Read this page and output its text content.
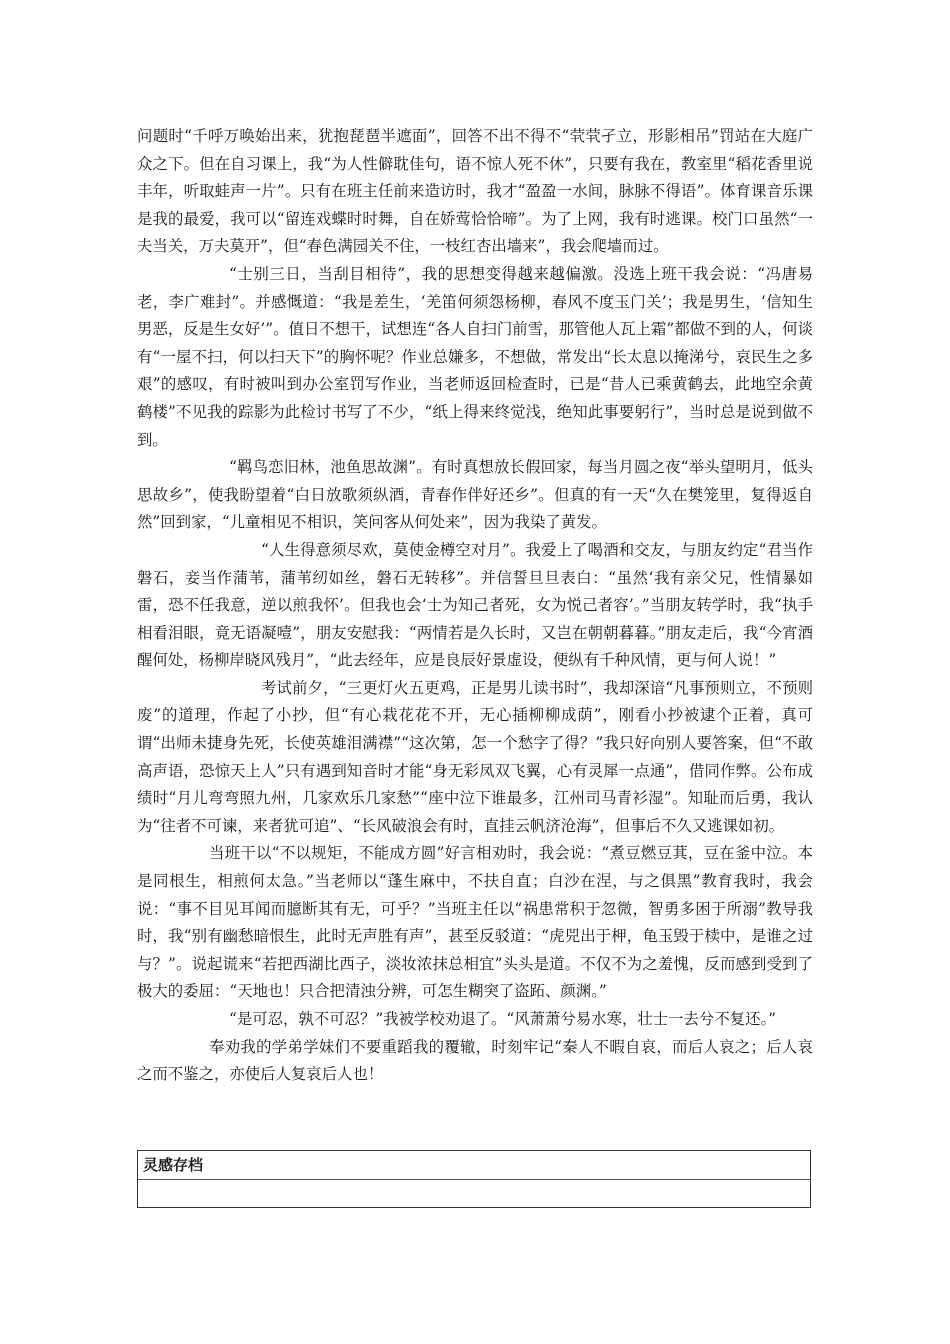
问题时“千呼万唤始出来，犹抱琵琶半遮面”，回答不出不得不“茕茕孑立，形影相吊”罚站在大庭广众之下。但在自习课上，我“为人性僻耽佳句，语不惊人死不休”，只要有我在，教室里“稻花香里说丰年，听取蛙声一片”。只有在班主任前来造访时，我才“盈盈一水间，脉脉不得语”。体育课音乐课是我的最爱，我可以“留连戏蝶时时舞，自在娇莺恰恰啼”。为了上网，我有时逃课。校门口虽然“一夫当关，万夫莫开”，但“春色满园关不住，一枝红杏出墙来”，我会爬墙而过。

“士别三日，当刮目相待”，我的思想变得越来越偏激。没选上班干我会说：“冯唐易老，李广难封”。并感慨道：“我是差生，‘羌笛何须怨杨柳，春风不度玉门关’；我是男生，‘信知生男恶，反是生女好’”。值日不想干，试想连“各人自扫门前雪，那管他人瓦上霜”都做不到的人，何谈有“一屋不扫，何以扫天下”的胸怀呢？作业总嫌多，不想做，常发出“长太息以掩涕兮，哀民生之多艰”的感叹，有时被叫到办公室罚写作业，当老师返回检查时，已是“昔人已乘黄鹤去，此地空余黄鹤楼”不见我的踪影为此检讨书写了不少，“纸上得来终觉浅，绝知此事要躬行”，当时总是说到做不到。

“羁鸟恋旧林，池鱼思故渊”。有时真想放长假回家，每当月圆之夜“举头望明月，低头思故乡”，使我盼望着“白日放歌须纵酒，青春作伴好还乡”。但真的有一天“久在樊笼里，复得返自然”回到家，“儿童相见不相识，笑问客从何处来”，因为我染了黄发。

“人生得意须尽欢，莫使金樽空对月”。我爱上了喝酒和交友，与朋友约定“君当作磐石，妾当作蒲苇，蒲苇纫如丝，磐石无转移”。并信誓旦旦表白：“虽然‘我有亲父兄，性情暴如雷，恐不任我意，逆以煎我怀’。但我也会‘士为知己者死，女为悦己者容’。”当朋友转学时，我“执手相看泪眼，竟无语凝噎”，朋友安慰我：“两情若是久长时，又岂在朝朝暮暮。”朋友走后，我“今宵酒醒何处，杨柳岸晓风残月”，“此去经年，应是良辰好景虚设，便纵有千种风情，更与何人说！”

考试前夕，“三更灯火五更鸡，正是男儿读书时”，我却深谙“凡事预则立，不预则废”的道理，作起了小抄，但“有心栽花花不开，无心插柳柳成荫”，刚看小抄被逮个正着，真可谓“出师未捷身先死，长使英雄泪满襟”“这次第，怎一个愁字了得？”我只好向别人要答案，但“不敢高声语，恐惊天上人”只有遇到知音时才能“身无彩凤双飞翼，心有灵犀一点通”，借同作弊。公布成绩时“月儿弯弯照九州，几家欢乐几家愁”“座中泣下谁最多，江州司马青衫湿”。知耻而后勇，我认为“往者不可谏，来者犹可追”、“长风破浪会有时，直挂云帆济沧海”，但事后不久又逃课如初。

当班干以“不以规矩，不能成方圆”好言相劝时，我会说：“煮豆燃豆萁，豆在釜中泣。本是同根生，相煎何太急。”当老师以“蓬生麻中，不扶自直；白沙在涅，与之俱黑”教育我时，我会说：“事不目见耳闻而臆断其有无，可乎？”当班主任以“祸患常积于忽微，智勇多困于所溺”教导我时，我“别有幽愁暗恨生，此时无声胜有声”，甚至反驳道：“虎兕出于柙，龟玉毁于椟中，是谁之过与？”。说起谎来“若把西湖比西子，淡妆浓抹总相宜”头头是道。不仅不为之羞愧，反而感到受到了极大的委屈：“天地也！只合把清浊分辨，可怎生糊突了盗跖、颜渊。”

“是可忍，孰不可忍？”我被学校劝退了。“风萧萧兮易水寒，壮士一去兮不复还。”

奉劝我的学弟学妹们不要重蹈我的覆辙，时刻牢记“秦人不暇自哀，而后人哀之；后人哀之而不鉴之，亦使后人复哀后人也！

灵感存档
